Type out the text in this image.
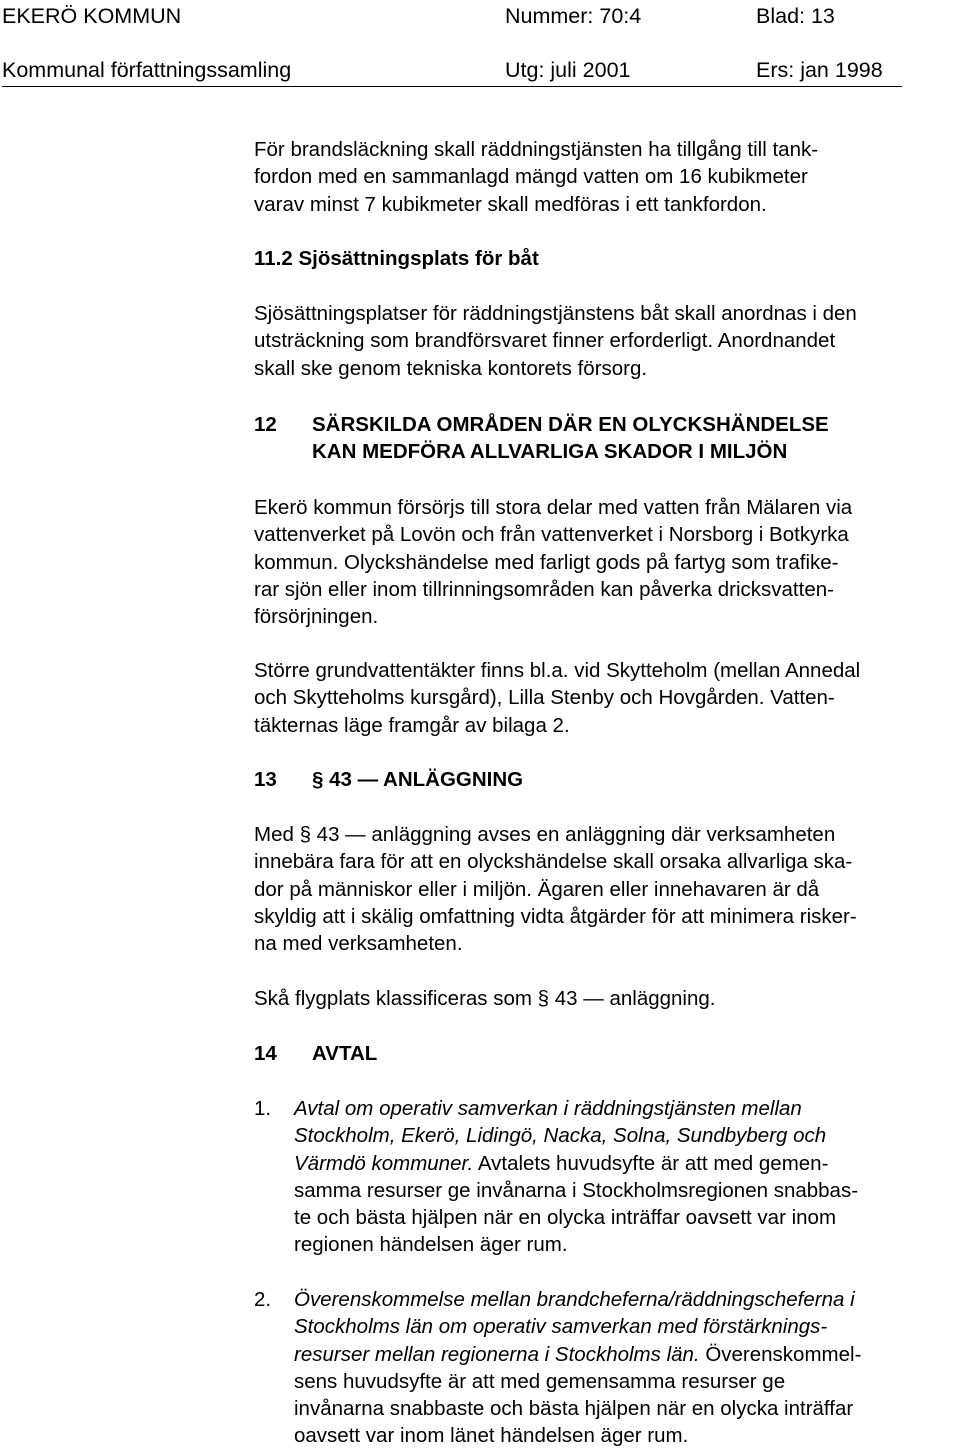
EKERÖ KOMMUN	Nummer: 70:4	Blad: 13
Kommunal författningssamling	Utg: juli 2001	Ers: jan 1998
För brandsläckning skall räddningstjänsten ha tillgång till tank-
fordon med en sammanlagd mängd vatten om 16 kubikmeter
varav minst 7 kubikmeter skall medföras i ett tankfordon.
11.2 Sjösättningsplats för båt
Sjösättningsplatser för räddningstjänstens båt skall anordnas i den
utsträckning som brandförsvaret finner erforderligt. Anordnandet
skall ske genom tekniska kontorets försorg.
12 SÄRSKILDA OMRÅDEN DÄR EN OLYCKSHÄNDELSE
KAN MEDFÖRA ALLVARLIGA SKADOR I MILJÖN
Ekerö kommun försörjs till stora delar med vatten från Mälaren via
vattenverket på Lovön och från vattenverket i Norsborg i Botkyrka
kommun. Olyckshändelse med farligt gods på fartyg som trafike-
rar sjön eller inom tillrinningsområden kan påverka dricksvatten-
försörjningen.
Större grundvattentäkter finns bl.a. vid Skytteholm (mellan Annedal
och Skytteholms kursgård), Lilla Stenby och Hovgården. Vatten-
täkternas läge framgår av bilaga 2.
13 § 43 — ANLÄGGNING
Med § 43 — anläggning avses en anläggning där verksamheten
innebära fara för att en olyckshändelse skall orsaka allvarliga ska-
dor på människor eller i miljön. Ägaren eller innehavaren är då
skyldig att i skälig omfattning vidta åtgärder för att minimera risker-
na med verksamheten.
Skå flygplats klassificeras som § 43 — anläggning.
14 AVTAL
1. Avtal om operativ samverkan i räddningstjänsten mellan
Stockholm, Ekerö, Lidingö, Nacka, Solna, Sundbyberg och
Värmdö kommuner. Avtalets huvudsyfte är att med gemen-
samma resurser ge invånarna i Stockholmsregionen snabbas-
te och bästa hjälpen när en olycka inträffar oavsett var inom
regionen händelsen äger rum.
2. Överenskommelse mellan brandcheferna/räddningscheferna i
Stockholms län om operativ samverkan med förstärknings-
resurser mellan regionerna i Stockholms län. Överenskommel-
sens huvudsyfte är att med gemensamma resurser ge
invånarna snabbaste och bästa hjälpen när en olycka inträffar
oavsett var inom länet händelsen äger rum.
